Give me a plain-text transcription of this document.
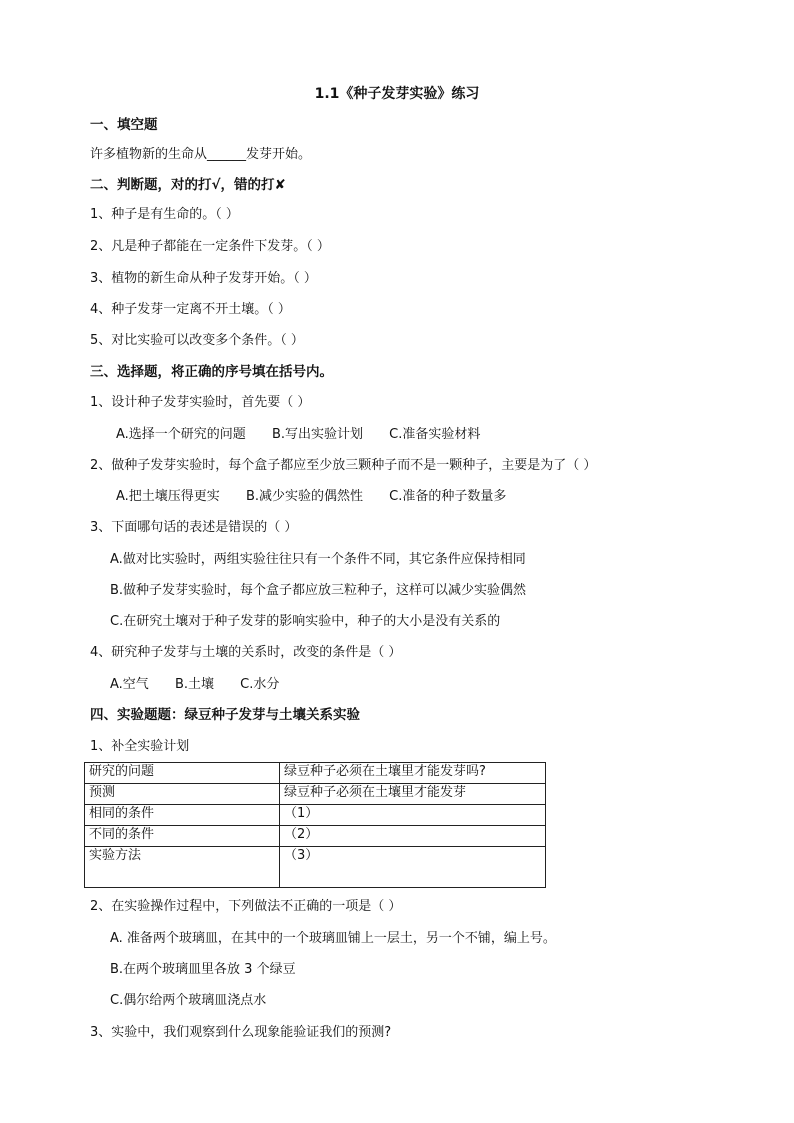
1.1《种子发芽实验》练习
一、填空题
许多植物新的生命从______发芽开始。
二、判断题，对的打√，错的打✘
1、种子是有生命的。（ ）
2、凡是种子都能在一定条件下发芽。（ ）
3、植物的新生命从种子发芽开始。（ ）
4、种子发芽一定离不开土壤。（ ）
5、对比实验可以改变多个条件。（ ）
三、选择题，将正确的序号填在括号内。
1、设计种子发芽实验时，首先要（ ）
A.选择一个研究的问题 B.写出实验计划 C.准备实验材料
2、做种子发芽实验时，每个盒子都应至少放三颗种子而不是一颗种子，主要是为了（ ）
A.把土壤压得更实 B.减少实验的偶然性 C.准备的种子数量多
3、下面哪句话的表述是错误的（ ）
A.做对比实验时，两组实验往往只有一个条件不同，其它条件应保持相同
B.做种子发芽实验时，每个盒子都应放三粒种子，这样可以减少实验偶然
C.在研究土壤对于种子发芽的影响实验中，种子的大小是没有关系的
4、研究种子发芽与土壤的关系时，改变的条件是（ ）
A.空气 B.土壤 C.水分
四、实验题题：绿豆种子发芽与土壤关系实验
1、补全实验计划
研究的问题	绿豆种子必须在土壤里才能发芽吗?
预测	绿豆种子必须在土壤里才能发芽
相同的条件	（1）
不同的条件	（2）
实验方法	（3）
2、在实验操作过程中，下列做法不正确的一项是（ ）
A. 准备两个玻璃皿，在其中的一个玻璃皿铺上一层土，另一个不铺，编上号。
B.在两个玻璃皿里各放 3 个绿豆
C.偶尔给两个玻璃皿浇点水
3、实验中，我们观察到什么现象能验证我们的预测?
